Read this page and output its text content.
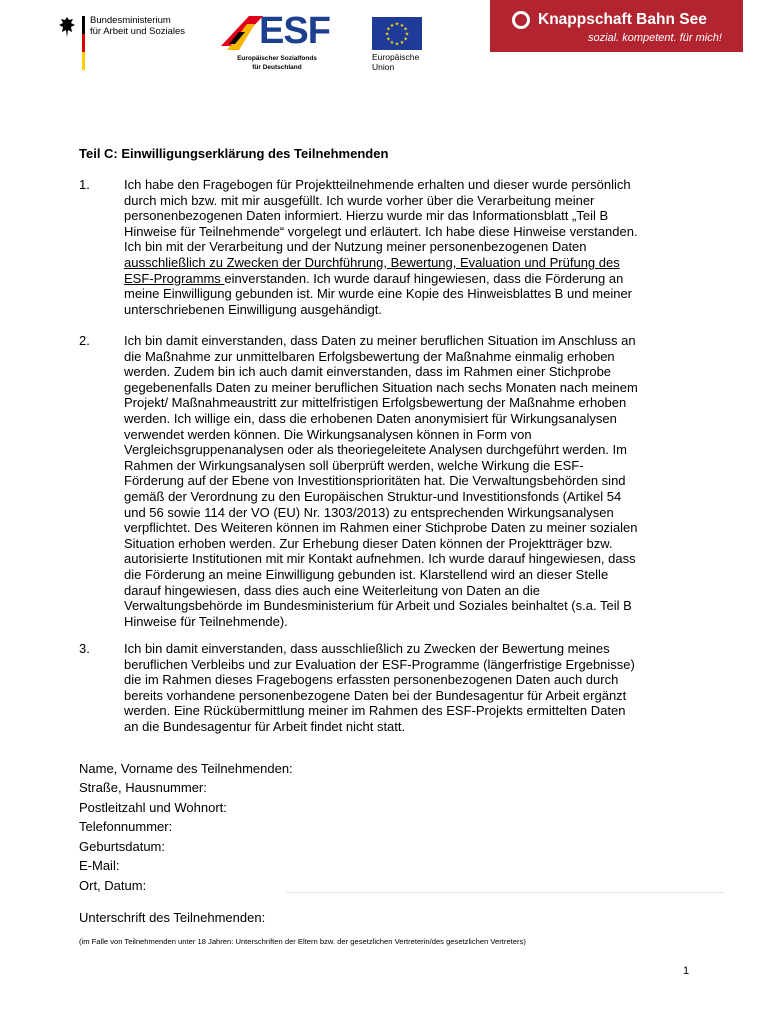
Bundesministerium
für Arbeit und Soziales ESF
Europäischer Sozialfonds
für Deutschland
★ ★
★
★
★
★
★
★
★
★
★
★
Europäische
Union
Knappschaft Bahn See
sozial. kompetent. für mich!
Teil C: Einwilligungserklärung des Teilnehmenden
1.	Ich habe den Fragebogen für Projektteilnehmende erhalten und dieser wurde persönlich
durch mich bzw. mit mir ausgefüllt. Ich wurde vorher über die Verarbeitung meiner
personenbezogenen Daten informiert. Hierzu wurde mir das Informationsblatt „Teil B
Hinweise für Teilnehmende“ vorgelegt und erläutert. Ich habe diese Hinweise verstanden.
Ich bin mit der Verarbeitung und der Nutzung meiner personenbezogenen Daten
ausschließlich zu Zwecken der Durchführung, Bewertung, Evaluation und Prüfung des
ESF-Programms einverstanden. Ich wurde darauf hingewiesen, dass die Förderung an
meine Einwilligung gebunden ist. Mir wurde eine Kopie des Hinweisblattes B und meiner
unterschriebenen Einwilligung ausgehändigt.
2.	Ich bin damit einverstanden, dass Daten zu meiner beruflichen Situation im Anschluss an
die Maßnahme zur unmittelbaren Erfolgsbewertung der Maßnahme einmalig erhoben
werden. Zudem bin ich auch damit einverstanden, dass im Rahmen einer Stichprobe
gegebenenfalls Daten zu meiner beruflichen Situation nach sechs Monaten nach meinem
Projekt/ Maßnahmeaustritt zur mittelfristigen Erfolgsbewertung der Maßnahme erhoben
werden. Ich willige ein, dass die erhobenen Daten anonymisiert für Wirkungsanalysen
verwendet werden können. Die Wirkungsanalysen können in Form von
Vergleichsgruppenanalysen oder als theoriegeleitete Analysen durchgeführt werden. Im
Rahmen der Wirkungsanalysen soll überprüft werden, welche Wirkung die ESF-
Förderung auf der Ebene von Investitionsprioritäten hat. Die Verwaltungsbehörden sind
gemäß der Verordnung zu den Europäischen Struktur-und Investitionsfonds (Artikel 54
und 56 sowie 114 der VO (EU) Nr. 1303/2013) zu entsprechenden Wirkungsanalysen
verpflichtet. Des Weiteren können im Rahmen einer Stichprobe Daten zu meiner sozialen
Situation erhoben werden. Zur Erhebung dieser Daten können der Projektträger bzw.
autorisierte Institutionen mit mir Kontakt aufnehmen. Ich wurde darauf hingewiesen, dass
die Förderung an meine Einwilligung gebunden ist. Klarstellend wird an dieser Stelle
darauf hingewiesen, dass dies auch eine Weiterleitung von Daten an die
Verwaltungsbehörde im Bundesministerium für Arbeit und Soziales beinhaltet (s.a. Teil B
Hinweise für Teilnehmende).
3.	Ich bin damit einverstanden, dass ausschließlich zu Zwecken der Bewertung meines
beruflichen Verbleibs und zur Evaluation der ESF-Programme (längerfristige Ergebnisse)
die im Rahmen dieses Fragebogens erfassten personenbezogenen Daten auch durch
bereits vorhandene personenbezogene Daten bei der Bundesagentur für Arbeit ergänzt
werden. Eine Rückübermittlung meiner im Rahmen des ESF-Projekts ermittelten Daten
an die Bundesagentur für Arbeit findet nicht statt.
Name, Vorname des Teilnehmenden:
Straße, Hausnummer:
Postleitzahl und Wohnort:
Telefonnummer:
Geburtsdatum:
E-Mail:
Ort, Datum:
Unterschrift des Teilnehmenden:
(im Falle von Teilnehmenden unter 18 Jahren: Unterschriften der Eltern bzw. der gesetzlichen Vertreterin/des gesetzlichen Vertreters)
1
